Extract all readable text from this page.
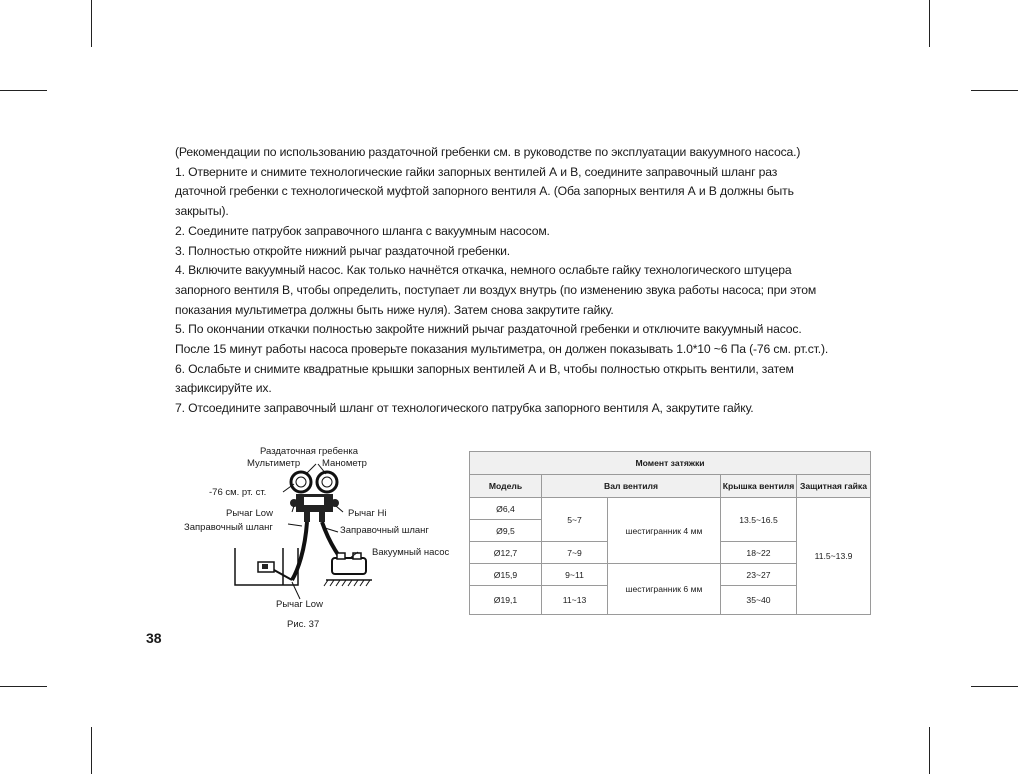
(Рекомендации по использованию раздаточной гребенки см. в руководстве по эксплуатации вакуумного насоса.)

1. Отверните и снимите технологические гайки запорных вентилей А и В, соедините заправочный шланг раз

даточной гребенки с технологической муфтой запорного вентиля А. (Оба запорных вентиля А и В должны быть

закрыты).

2. Соедините патрубок заправочного шланга с вакуумным насосом.

3. Полностью откройте нижний рычаг раздаточной гребенки.

4. Включите вакуумный насос. Как только начнётся откачка, немного ослабьте гайку технологического штуцера

запорного вентиля В, чтобы определить, поступает ли воздух внутрь (по изменению звука работы насоса; при этом

показания мультиметра должны быть ниже нуля). Затем снова закрутите гайку.

5. По окончании откачки полностью закройте нижний рычаг раздаточной гребенки и отключите вакуумный насос.

После 15 минут работы насоса проверьте показания мультиметра, он должен показывать 1.0*10 ~6 Па (-76 см. рт.ст.).

6. Ослабьте и снимите квадратные крышки запорных вентилей А и В, чтобы полностью открыть вентили, затем

зафиксируйте их.

7. Отсоедините заправочный шланг от технологического патрубка запорного вентиля А, закрутите гайку.

Раздаточная гребенка
Мультиметр Манометр
-76 см. рт. ст.
Рычаг Low	Рычаг Hi
Заправочный шланг	Заправочный шланг
Вакуумный насос
Рычаг Low
Рис. 37
Момент затяжки				
Модель	Вал вентиля		Крышка вентиля	Защитная гайка
Ø6,4	5~7	шестигранник 4 мм	13.5~16.5	11.5~13.9
Ø9,5				
Ø12,7	7~9		18~22	
Ø15,9	9~11	шестигранник 6 мм	23~27	
Ø19,1	11~13		35~40	
38
